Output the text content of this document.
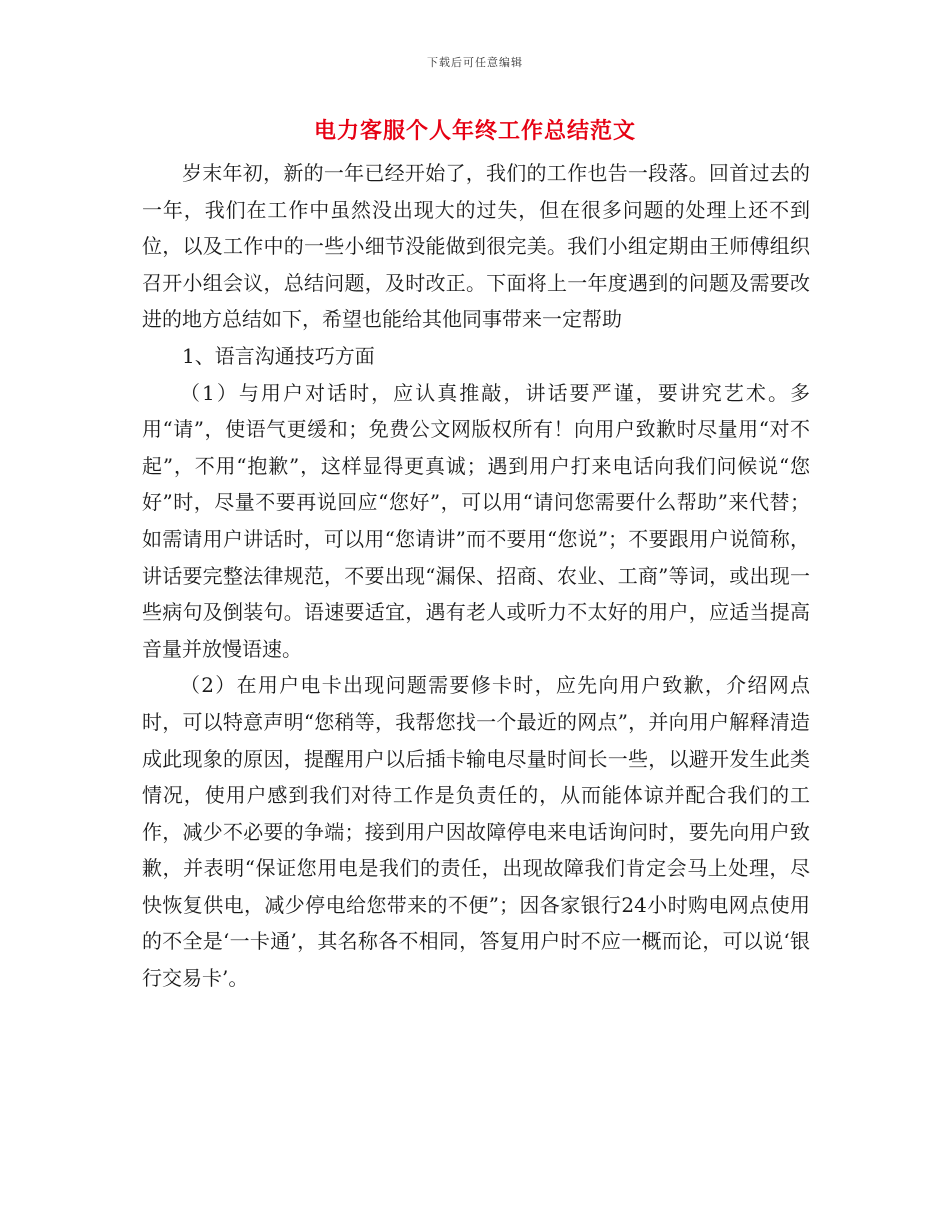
下载后可任意编辑
电力客服个人年终工作总结范文

岁末年初，新的一年已经开始了，我们的工作也告一段落。回首过去的一年，我们在工作中虽然没出现大的过失，但在很多问题的处理上还不到位，以及工作中的一些小细节没能做到很完美。我们小组定期由王师傅组织召开小组会议，总结问题，及时改正。下面将上一年度遇到的问题及需要改进的地方总结如下，希望也能给其他同事带来一定帮助

1、语言沟通技巧方面

（1）与用户对话时，应认真推敲，讲话要严谨，要讲究艺术。多用“请”，使语气更缓和；免费公文网版权所有！向用户致歉时尽量用“对不起”，不用“抱歉”，这样显得更真诚；遇到用户打来电话向我们问候说“您好”时，尽量不要再说回应“您好”，可以用“请问您需要什么帮助”来代替；如需请用户讲话时，可以用“您请讲”而不要用“您说”；不要跟用户说简称，讲话要完整法律规范，不要出现“漏保、招商、农业、工商”等词，或出现一些病句及倒装句。语速要适宜，遇有老人或听力不太好的用户，应适当提高音量并放慢语速。

（2）在用户电卡出现问题需要修卡时，应先向用户致歉，介绍网点时，可以特意声明“您稍等，我帮您找一个最近的网点”，并向用户解释清造成此现象的原因，提醒用户以后插卡输电尽量时间长一些，以避开发生此类情况，使用户感到我们对待工作是负责任的，从而能体谅并配合我们的工作，减少不必要的争端；接到用户因故障停电来电话询问时，要先向用户致歉，并表明“保证您用电是我们的责任，出现故障我们肯定会马上处理，尽快恢复供电，减少停电给您带来的不便”；因各家银行24小时购电网点使用的不全是‘一卡通’，其名称各不相同，答复用户时不应一概而论，可以说‘银行交易卡’。
